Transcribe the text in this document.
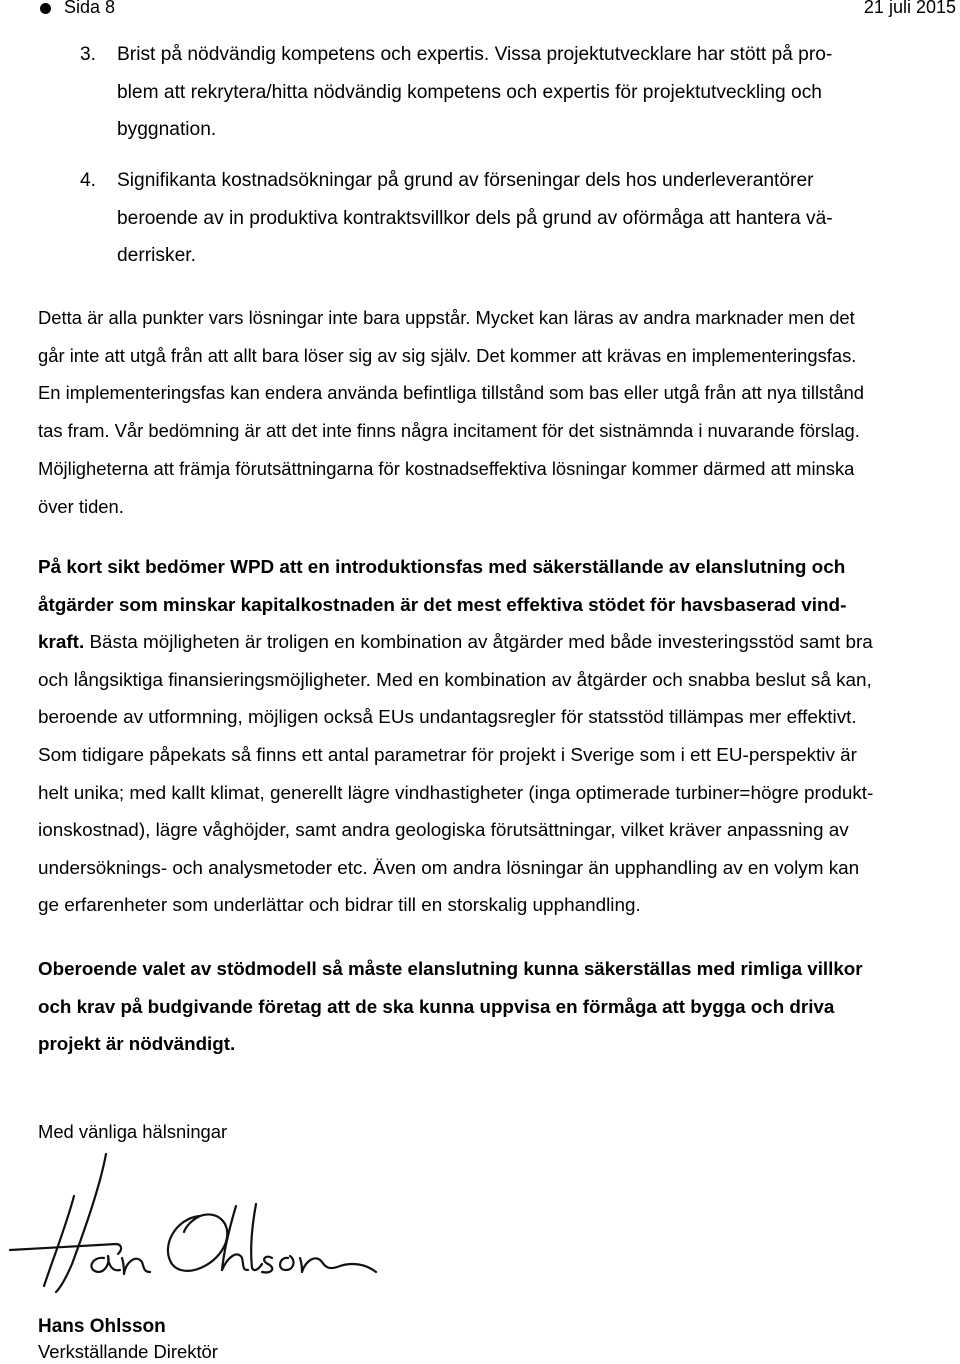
Sida 8	21 juli 2015
3. Brist på nödvändig kompetens och expertis. Vissa projektutvecklare har stött på pro-
blem att rekrytera/hitta nödvändig kompetens och expertis för projektutveckling och
byggnation.
4. Signifikanta kostnadsökningar på grund av förseningar dels hos underleverantörer
beroende av in produktiva kontraktsvillkor dels på grund av oförmåga att hantera vä-
derrisker.
Detta är alla punkter vars lösningar inte bara uppstår. Mycket kan läras av andra marknader men det
går inte att utgå från att allt bara löser sig av sig själv. Det kommer att krävas en implementeringsfas.
En implementeringsfas kan endera använda befintliga tillstånd som bas eller utgå från att nya tillstånd
tas fram. Vår bedömning är att det inte finns några incitament för det sistnämnda i nuvarande förslag.
Möjligheterna att främja förutsättningarna för kostnadseffektiva lösningar kommer därmed att minska
över tiden.
På kort sikt bedömer WPD att en introduktionsfas med säkerställande av elanslutning och
åtgärder som minskar kapitalkostnaden är det mest effektiva stödet för havsbaserad vind-
kraft. Bästa möjligheten är troligen en kombination av åtgärder med både investeringsstöd samt bra
och långsiktiga finansieringsmöjligheter. Med en kombination av åtgärder och snabba beslut så kan,
beroende av utformning, möjligen också EUs undantagsregler för statsstöd tillämpas mer effektivt.
Som tidigare påpekats så finns ett antal parametrar för projekt i Sverige som i ett EU-perspektiv är
helt unika; med kallt klimat, generellt lägre vindhastigheter (inga optimerade turbiner=högre produkt-
ionskostnad), lägre våghöjder, samt andra geologiska förutsättningar, vilket kräver anpassning av
undersöknings- och analysmetoder etc. Även om andra lösningar än upphandling av en volym kan
ge erfarenheter som underlättar och bidrar till en storskalig upphandling.
Oberoende valet av stödmodell så måste elanslutning kunna säkerställas med rimliga villkor
och krav på budgivande företag att de ska kunna uppvisa en förmåga att bygga och driva
projekt är nödvändigt.
Med vänliga hälsningar
Hans Ohlsson
Verkställande Direktör
